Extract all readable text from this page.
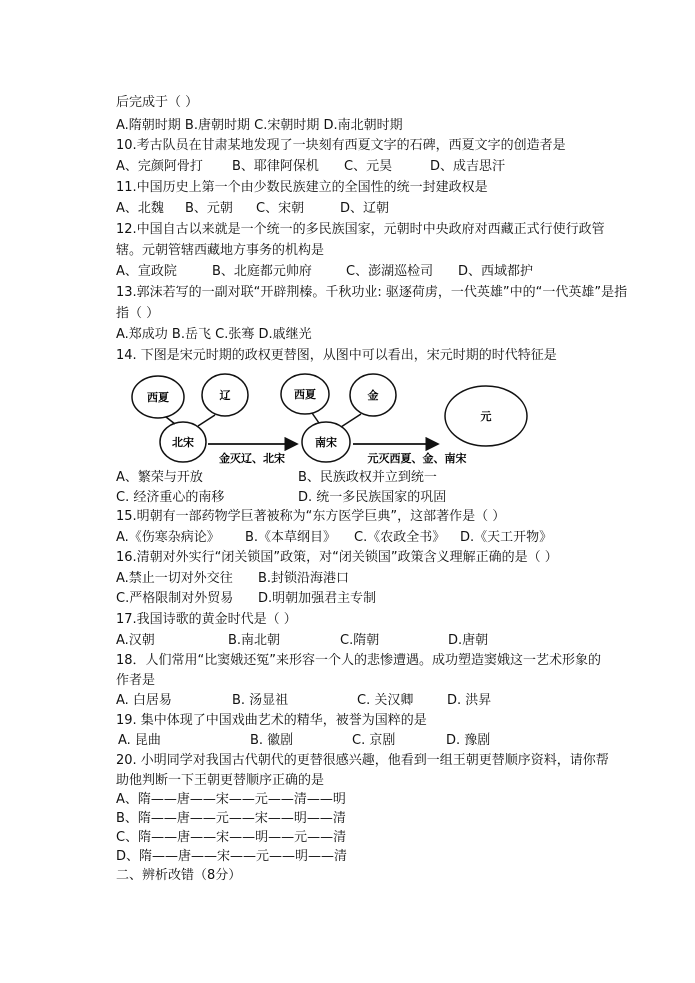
后完成于（ ）
A.隋朝时期 B.唐朝时期 C.宋朝时期 D.南北朝时期
10.考古队员在甘肃某地发现了一块刻有西夏文字的石碑，西夏文字的创造者是
A、完颜阿骨打 B、耶律阿保机 C、元昊	D、成吉思汗
11.中国历史上第一个由少数民族建立的全国性的统一封建政权是
A、北魏 B、元朝 C、宋朝	D、辽朝
12.中国自古以来就是一个统一的多民族国家，元朝时中央政府对西藏正式行使行政管
辖。元朝管辖西藏地方事务的机构是
A、宣政院	B、北庭都元帅府	C、澎湖巡检司 D、西域都护
13.郭沫若写的一副对联“开辟荆榛。千秋功业: 驱逐荷虏，一代英雄”中的“一代英雄”是指
指（ ）
A.郑成功 B.岳飞 C.张骞 D.戚继光
14. 下图是宋元时期的政权更替图，从图中可以看出，宋元时期的时代特征是
西夏	辽
北宋
西夏	金
南宋
元
金灭辽、北宋	元灭西夏、金、南宋
A、繁荣与开放	B、民族政权并立到统一
C. 经济重心的南移	D. 统一多民族国家的巩固
15.明朝有一部药物学巨著被称为“东方医学巨典”，这部著作是（ ）
A.《伤寒杂病论》 B.《本草纲目》 C.《农政全书》 D.《天工开物》
16.清朝对外实行“闭关锁国”政策，对“闭关锁国”政策含义理解正确的是（ ）
A.禁止一切对外交往 B.封锁沿海港口
C.严格限制对外贸易 D.明朝加强君主专制
17.我国诗歌的黄金时代是（ ）
A.汉朝	B.南北朝	C.隋朝	D.唐朝
18．人们常用“比窦娥还冤”来形容一个人的悲惨遭遇。成功塑造窦娥这一艺术形象的
作者是
A. 白居易	B. 汤显祖	C. 关汉卿	D. 洪昇
19. 集中体现了中国戏曲艺术的精华，被誉为国粹的是
A. 昆曲	B. 徽剧	C. 京剧	D. 豫剧
20. 小明同学对我国古代朝代的更替很感兴趣，他看到一组王朝更替顺序资料，请你帮
助他判断一下王朝更替顺序正确的是
A、隋——唐——宋——元——清——明
B、隋——唐——元——宋——明——清
C、隋——唐——宋——明——元——清
D、隋——唐——宋——元——明——清
二、辨析改错（8分）
